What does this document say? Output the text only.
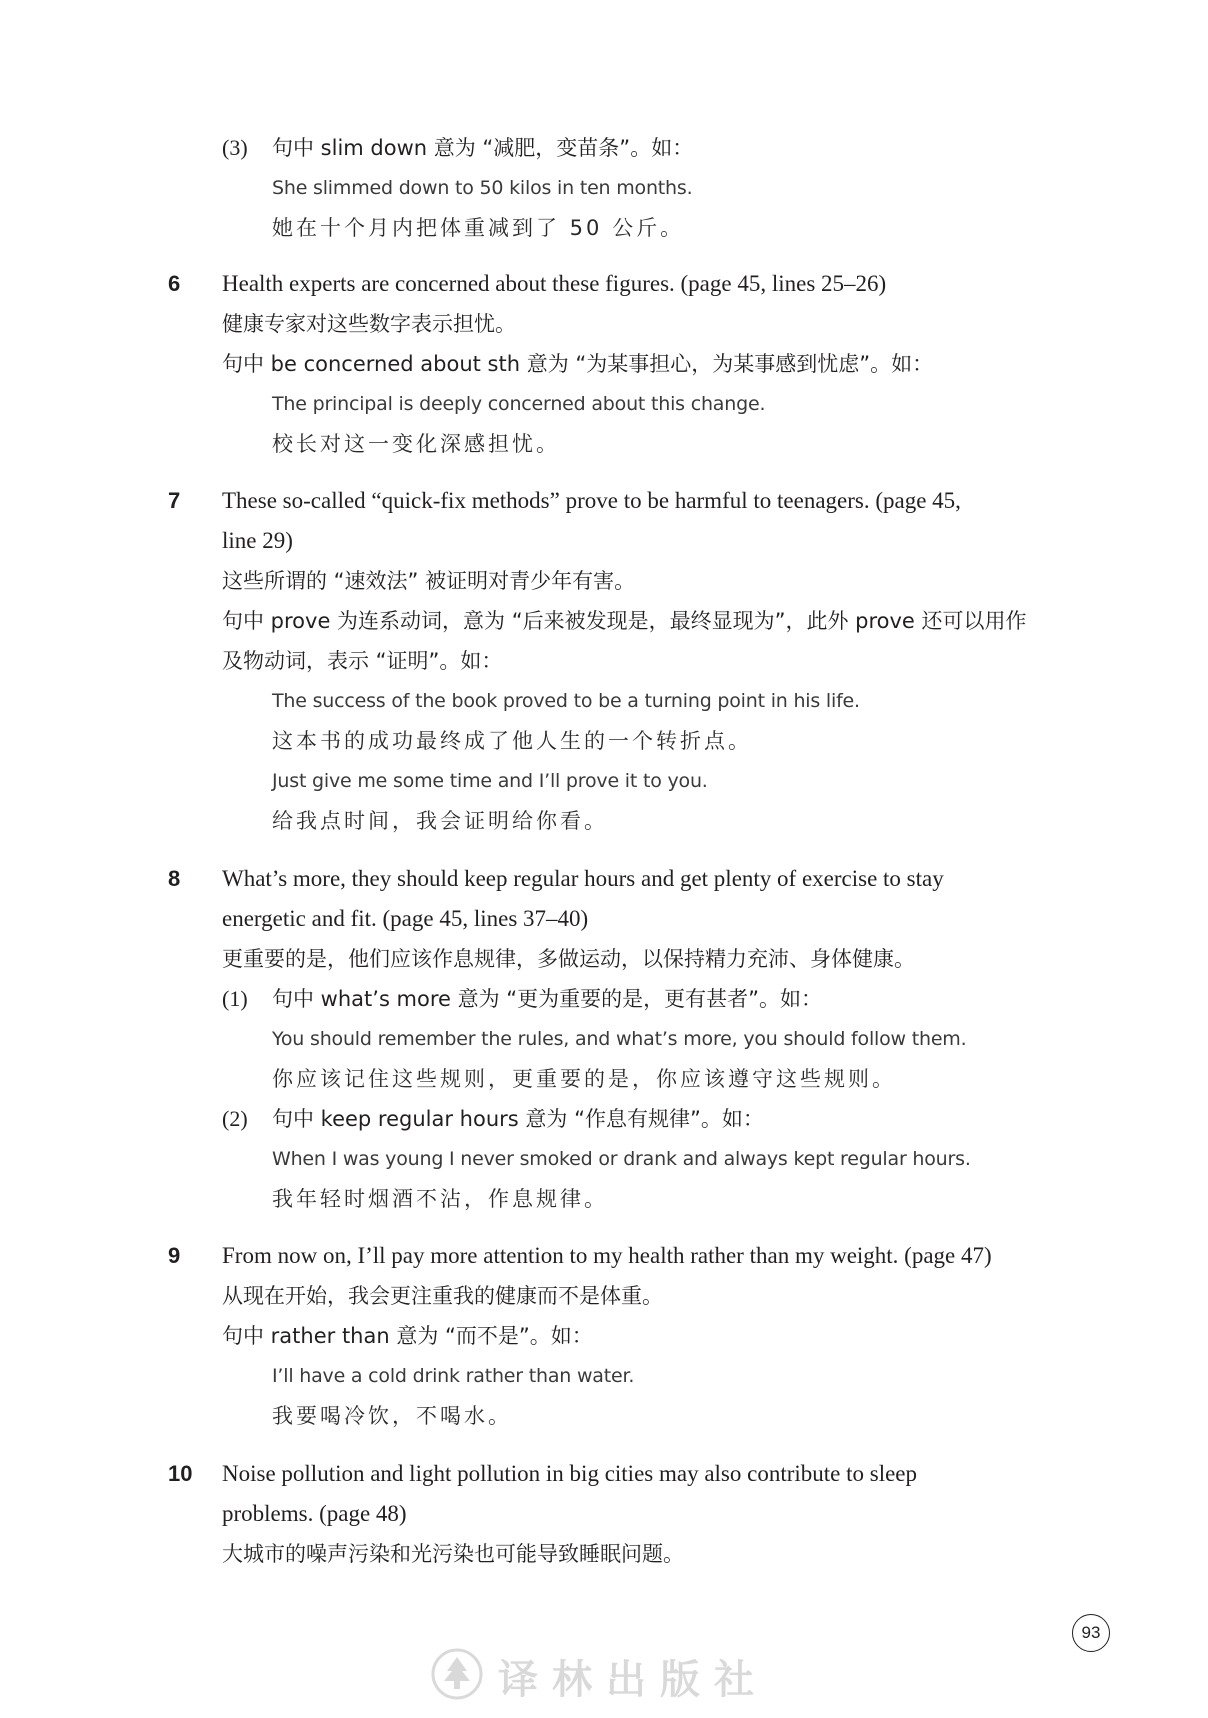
(3) 句中 slim down 意为 “减肥，变苗条”。如：
She slimmed down to 50 kilos in ten months.
她在十个月内把体重减到了 50 公斤。
6 Health experts are concerned about these figures. (page 45, lines 25–26)
健康专家对这些数字表示担忧。
句中 be concerned about sth 意为 “为某事担心，为某事感到忧虑”。如：
The principal is deeply concerned about this change.
校长对这一变化深感担忧。
7 These so-called “quick-fix methods” prove to be harmful to teenagers. (page 45,
line 29)
这些所谓的 “速效法” 被证明对青少年有害。
句中 prove 为连系动词，意为 “后来被发现是，最终显现为”，此外 prove 还可以用作
及物动词，表示 “证明”。如：
The success of the book proved to be a turning point in his life.
这本书的成功最终成了他人生的一个转折点。
Just give me some time and I’ll prove it to you.
给我点时间，我会证明给你看。
8 What’s more, they should keep regular hours and get plenty of exercise to stay
energetic and fit. (page 45, lines 37–40)
更重要的是，他们应该作息规律，多做运动，以保持精力充沛、身体健康。
(1) 句中 what’s more 意为 “更为重要的是，更有甚者”。如：
You should remember the rules, and what’s more, you should follow them.
你应该记住这些规则，更重要的是，你应该遵守这些规则。
(2) 句中 keep regular hours 意为 “作息有规律”。如：
When I was young I never smoked or drank and always kept regular hours.
我年轻时烟酒不沾，作息规律。
9 From now on, I’ll pay more attention to my health rather than my weight. (page 47)
从现在开始，我会更注重我的健康而不是体重。
句中 rather than 意为 “而不是”。如：
I’ll have a cold drink rather than water.
我要喝冷饮，不喝水。
10 Noise pollution and light pollution in big cities may also contribute to sleep
problems. (page 48)
大城市的噪声污染和光污染也可能导致睡眠问题。
93
译林出版社
